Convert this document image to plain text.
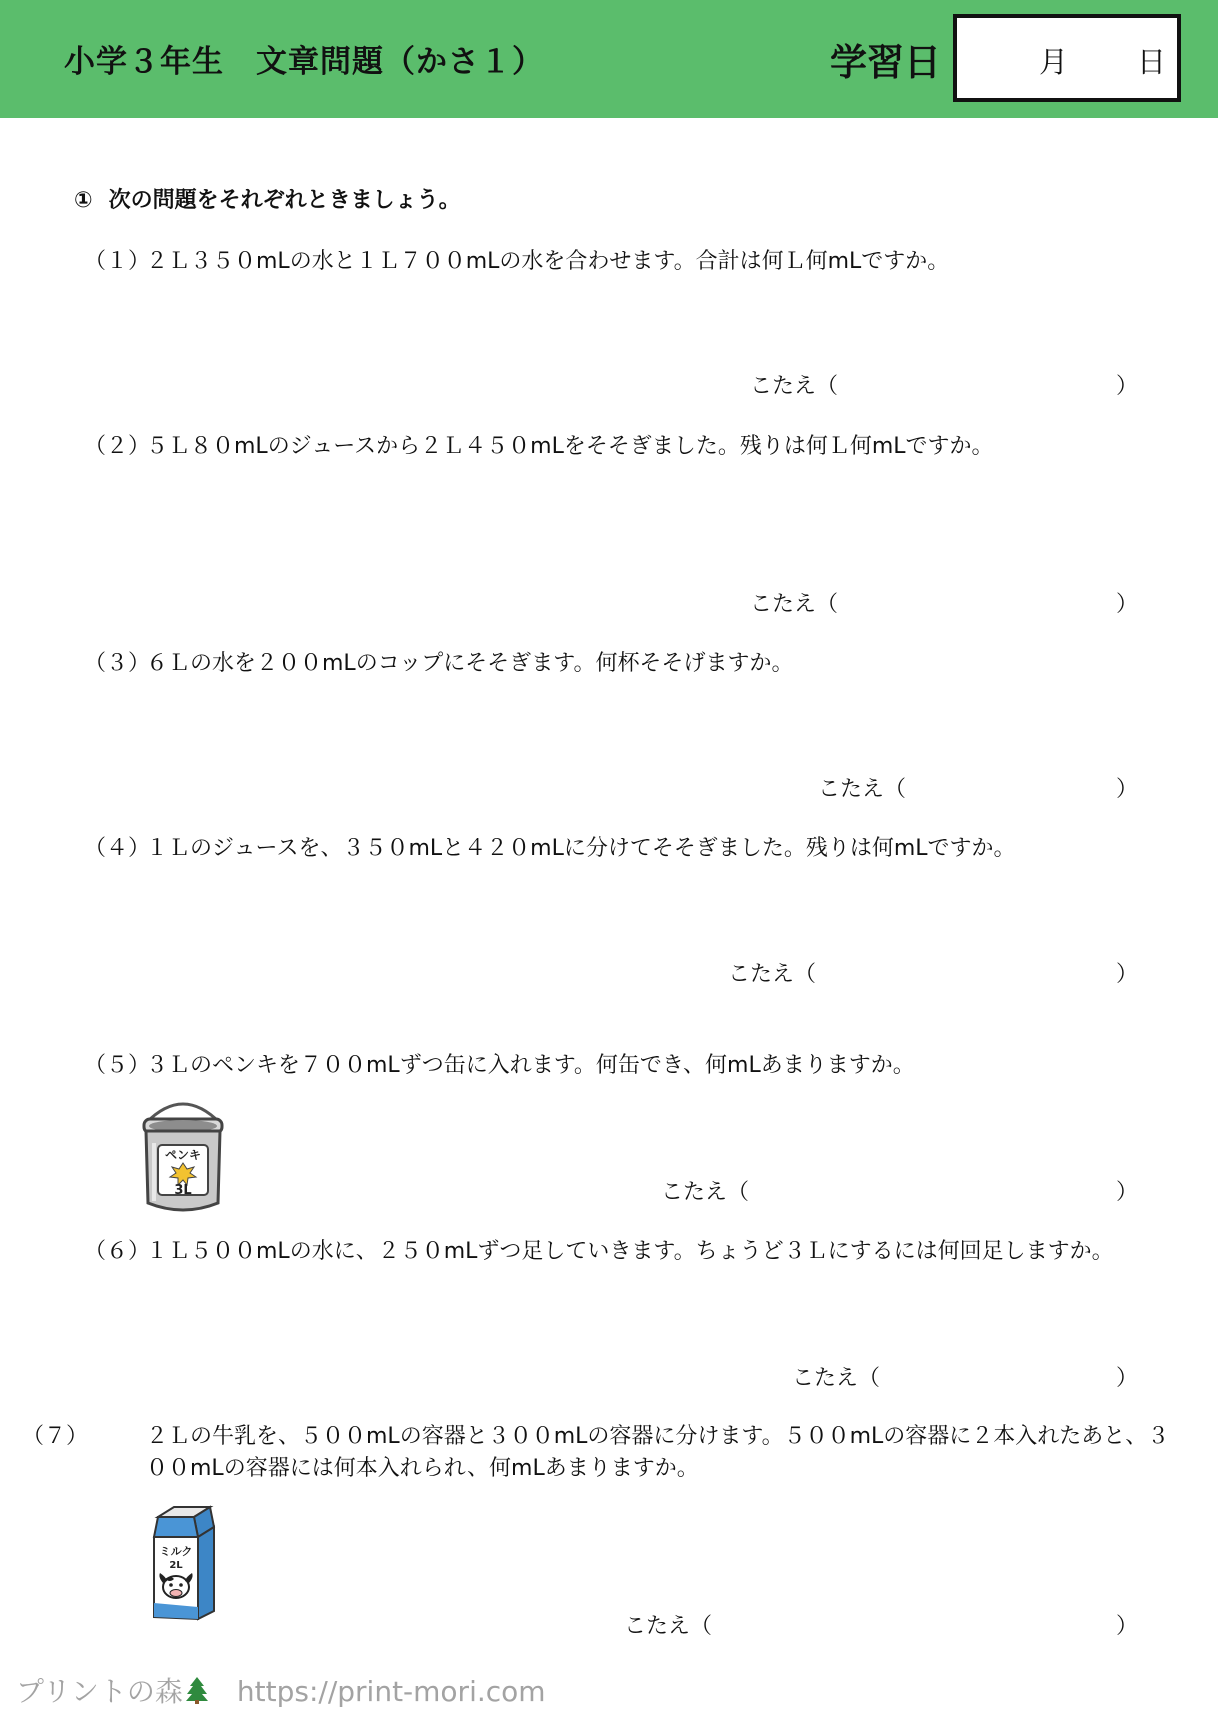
小学３年生　文章問題（かさ１）	学習日	月 日
① 次の問題をそれぞれときましょう。
（１）２Ｌ３５０mLの水と１Ｌ７００mLの水を合わせます。合計は何Ｌ何mLですか。
こたえ（	）
（２）５Ｌ８０mLのジュースから２Ｌ４５０mLをそそぎました。残りは何Ｌ何mLですか。
こたえ（	）
（３）６Ｌの水を２００mLのコップにそそぎます。何杯そそげますか。
こたえ（	）
（４）１Ｌのジュースを、３５０mLと４２０mLに分けてそそぎました。残りは何mLですか。
こたえ（	）
（５）３Ｌのペンキを７００mLずつ缶に入れます。何缶でき、何mLあまりますか。
ペンキ
3L	こたえ（	）
（６）１Ｌ５００mLの水に、２５０mLずつ足していきます。ちょうど３Ｌにするには何回足しますか。
こたえ（	）
（７）	２Ｌの牛乳を、５００mLの容器と３００mLの容器に分けます。５００mLの容器に２本入れたあと、３００mLの容器には何本入れられ、何mLあまりますか。
ミルク
2L
こたえ（	）
プリントの森 https://print-mori.com
